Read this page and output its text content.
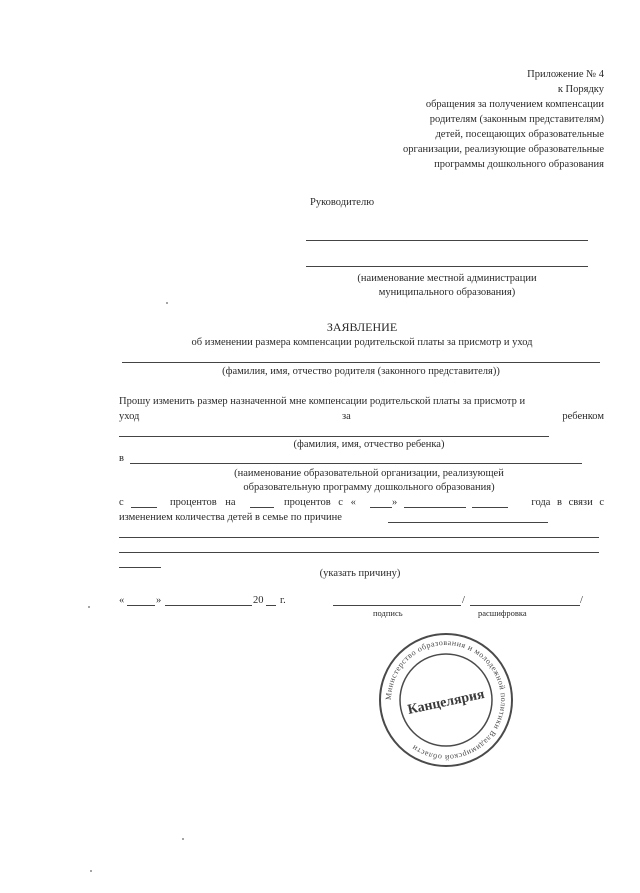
Приложение № 4
к Порядку
обращения за получением компенсации
родителям (законным представителям)
детей, посещающих образовательные
организации, реализующие образовательные
программы дошкольного образования
Руководителю
(наименование местной администрации
муниципального образования)
ЗАЯВЛЕНИЕ
об изменении размера компенсации родительской платы за присмотр и уход
(фамилия, имя, отчество родителя (законного представителя))
Прошу изменить размер назначенной мне компенсации родительской платы за присмотр и
уход	за	ребенком
(фамилия, имя, отчество ребенка)
в
(наименование образовательной организации, реализующей
образовательную программу дошкольного образования)
с	процентов на	процентов с «	»	года в связи с
изменением количества детей в семье по причине
(указать причину)
«	»	20 г.	/	/
подпись	расшифровка
Министерство образования и молодежной политики Владимирской области
Канцелярия
